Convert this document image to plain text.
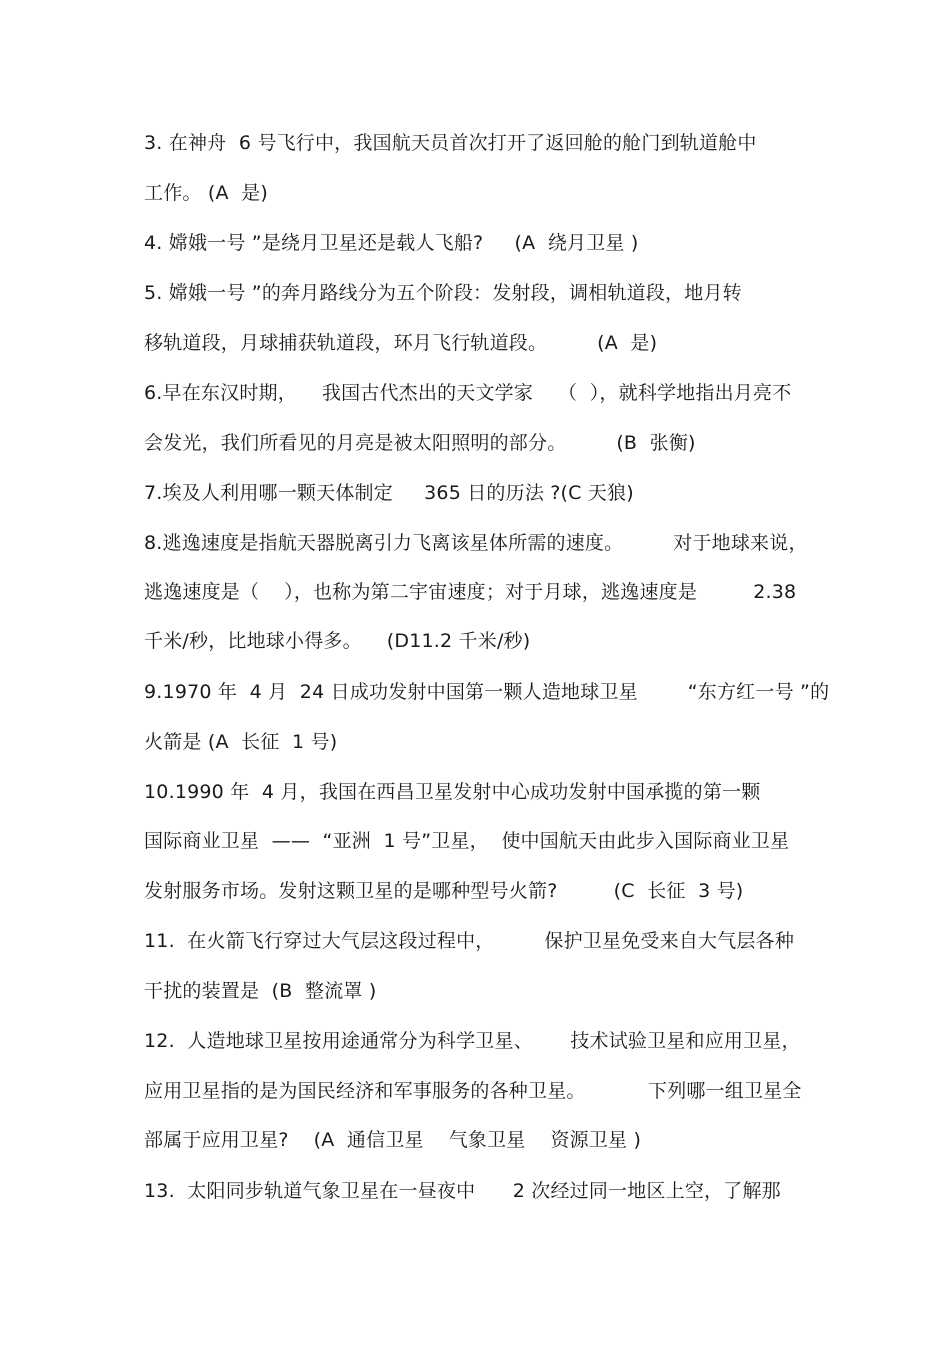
3. 在神舟  6 号飞行中，我国航天员首次打开了返回舱的舱门到轨道舱中
工作。 (A  是)
4. 嫦娥一号 ”是绕月卫星还是载人飞船?     (A  绕月卫星 )
5. 嫦娥一号 ”的奔月路线分为五个阶段：发射段，调相轨道段，地月转
移轨道段，月球捕获轨道段，环月飞行轨道段。        (A  是)
6.早在东汉时期，    我国古代杰出的天文学家    （  ），就科学地指出月亮不
会发光，我们所看见的月亮是被太阳照明的部分。        (B  张衡)
7.埃及人利用哪一颗天体制定     365 日的历法 ?(C 天狼)
8.逃逸速度是指航天器脱离引力飞离该星体所需的速度。        对于地球来说，
逃逸速度是（    ），也称为第二宇宙速度；对于月球，逃逸速度是         2.38
千米/秒，比地球小得多。    (D11.2 千米/秒)
9.1970 年  4 月  24 日成功发射中国第一颗人造地球卫星        “东方红一号 ”的
火箭是 (A  长征  1 号)
10.1990 年  4 月，我国在西昌卫星发射中心成功发射中国承揽的第一颗
国际商业卫星  ——  “亚洲  1 号”卫星，  使中国航天由此步入国际商业卫星
发射服务市场。发射这颗卫星的是哪种型号火箭?         (C  长征  3 号)
11.  在火箭飞行穿过大气层这段过程中，        保护卫星免受来自大气层各种
干扰的装置是  (B  整流罩 )
12.  人造地球卫星按用途通常分为科学卫星、      技术试验卫星和应用卫星，
应用卫星指的是为国民经济和军事服务的各种卫星。          下列哪一组卫星全
部属于应用卫星?    (A  通信卫星    气象卫星    资源卫星 )
13.  太阳同步轨道气象卫星在一昼夜中      2 次经过同一地区上空，了解那
